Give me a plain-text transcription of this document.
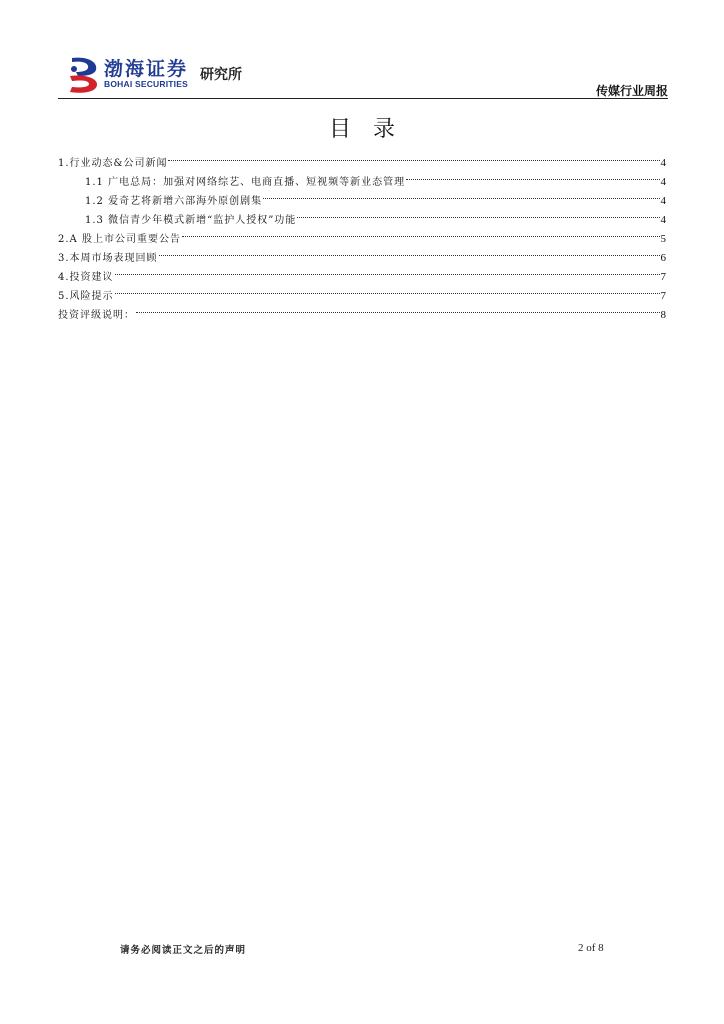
渤海证券
BOHAI SECURITIES
研究所
传媒行业周报
目录
1.行业动态&公司新闻	4
1.1 广电总局：加强对网络综艺、电商直播、短视频等新业态管理	4
1.2 爱奇艺将新增六部海外原创剧集	4
1.3 微信青少年模式新增“监护人授权”功能	4
2.A 股上市公司重要公告	5
3.本周市场表现回顾	6
4.投资建议	7
5.风险提示	7
投资评级说明：	8
请务必阅读正文之后的声明	2 of 8
